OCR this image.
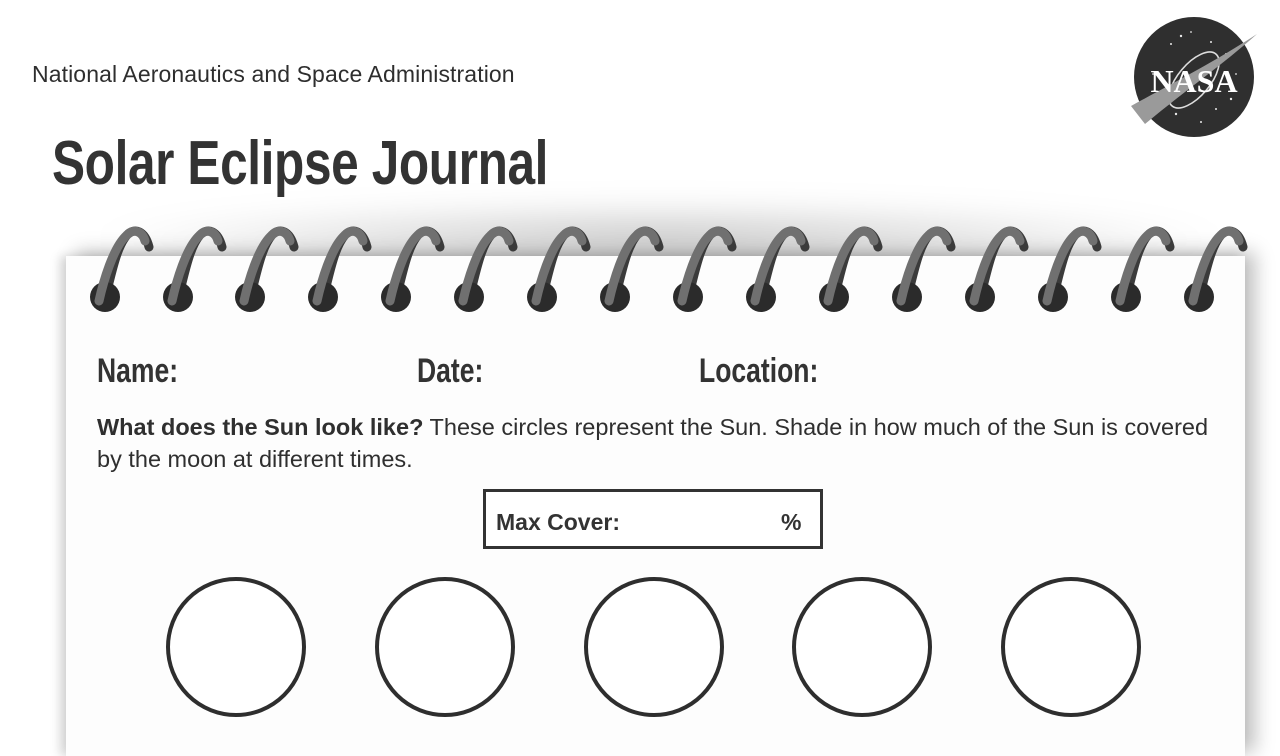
National Aeronautics and Space Administration
Solar Eclipse Journal
NASA
Name:	Date:	Location:
What does the Sun look like? These circles represent the Sun. Shade in how much of the Sun is covered by the moon at different times.
Max Cover:	%
